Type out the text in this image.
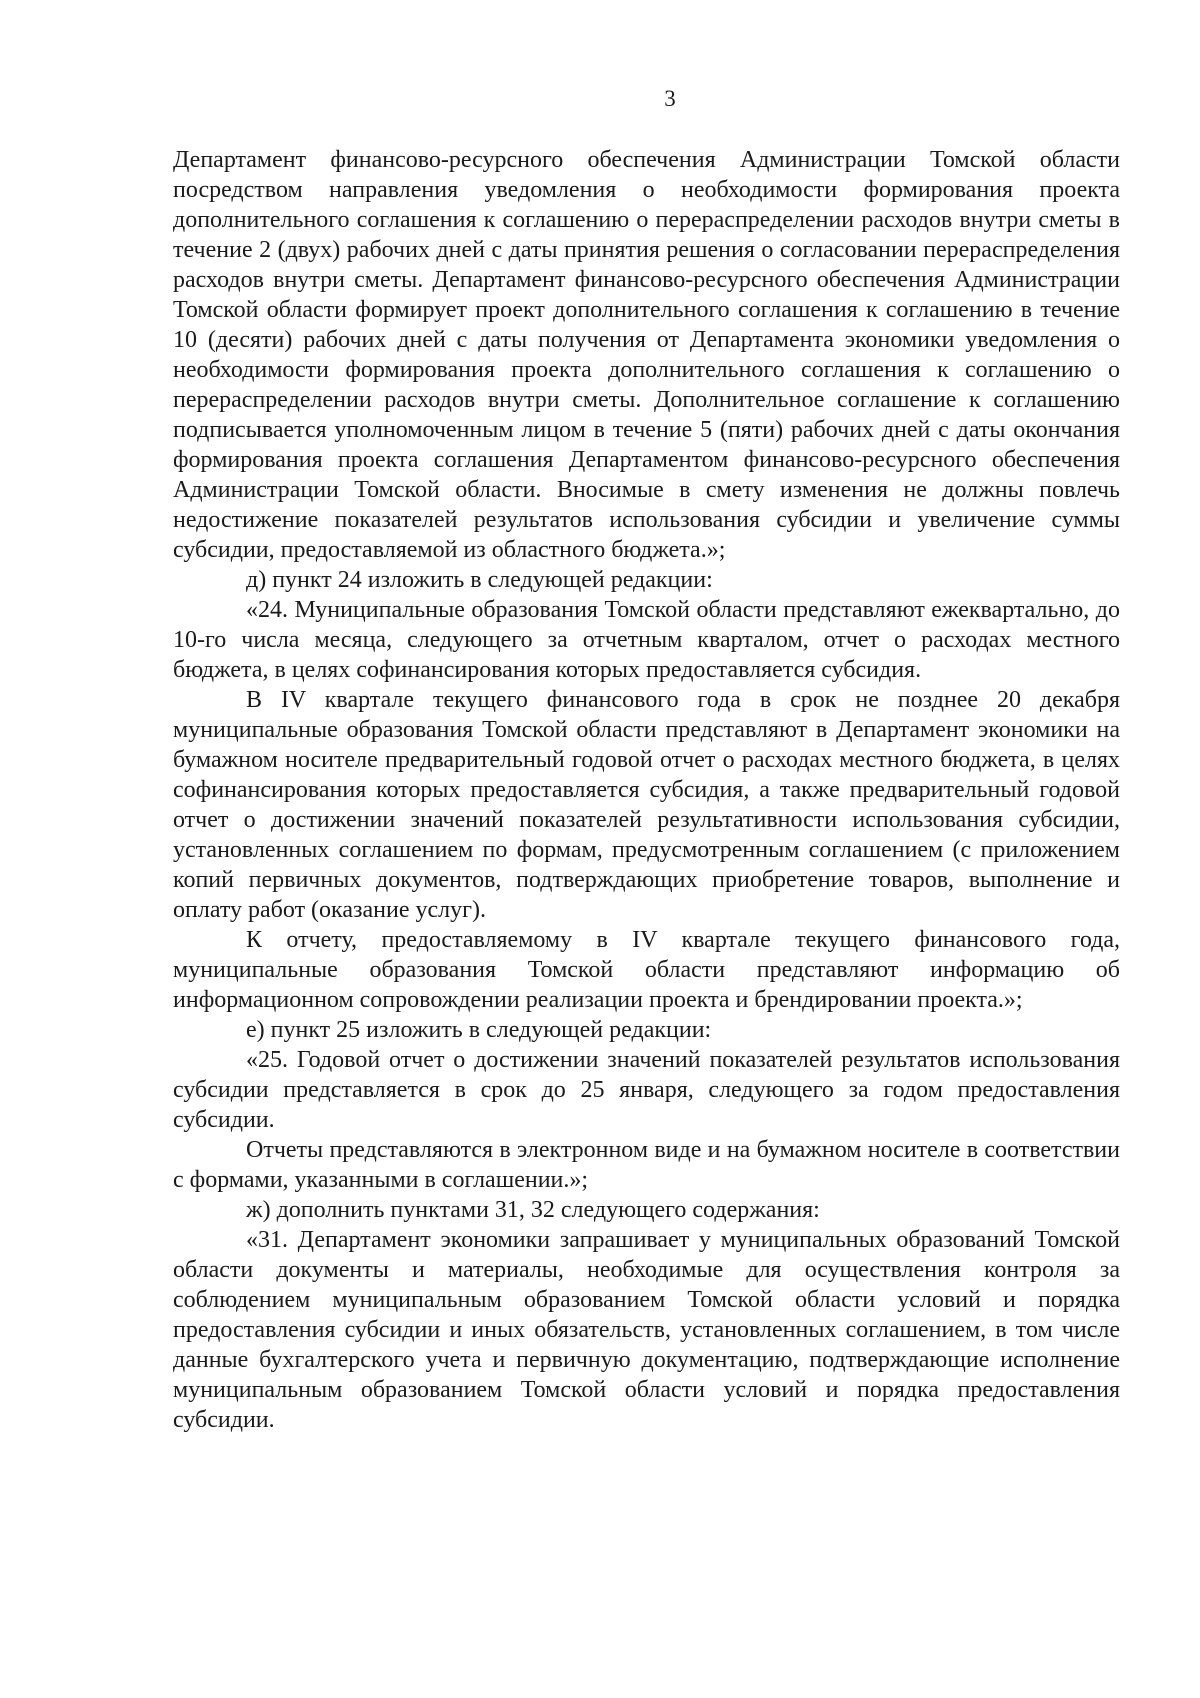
3

Департамент финансово-ресурсного обеспечения Администрации Томской области посредством направления уведомления о необходимости формирования проекта дополнительного соглашения к соглашению о перераспределении расходов внутри сметы в течение 2 (двух) рабочих дней с даты принятия решения о согласовании перераспределения расходов внутри сметы. Департамент финансово-ресурсного обеспечения Администрации Томской области формирует проект дополнительного соглашения к соглашению в течение 10 (десяти) рабочих дней с даты получения от Департамента экономики уведомления о необходимости формирования проекта дополнительного соглашения к соглашению о перераспределении расходов внутри сметы. Дополнительное соглашение к соглашению подписывается уполномоченным лицом в течение 5 (пяти) рабочих дней с даты окончания формирования проекта соглашения Департаментом финансово-ресурсного обеспечения Администрации Томской области. Вносимые в смету изменения не должны повлечь недостижение показателей результатов использования субсидии и увеличение суммы субсидии, предоставляемой из областного бюджета.»;

д) пункт 24 изложить в следующей редакции:

«24. Муниципальные образования Томской области представляют ежеквартально, до 10-го числа месяца, следующего за отчетным кварталом, отчет о расходах местного бюджета, в целях софинансирования которых предоставляется субсидия.

В IV квартале текущего финансового года в срок не позднее 20 декабря муниципальные образования Томской области представляют в Департамент экономики на бумажном носителе предварительный годовой отчет о расходах местного бюджета, в целях софинансирования которых предоставляется субсидия, а также предварительный годовой отчет о достижении значений показателей результативности использования субсидии, установленных соглашением по формам, предусмотренным соглашением (с приложением копий первичных документов, подтверждающих приобретение товаров, выполнение и оплату работ (оказание услуг).

К отчету, предоставляемому в IV квартале текущего финансового года, муниципальные образования Томской области представляют информацию об информационном сопровождении реализации проекта и брендировании проекта.»;

е) пункт 25 изложить в следующей редакции:

«25. Годовой отчет о достижении значений показателей результатов использования субсидии представляется в срок до 25 января, следующего за годом предоставления субсидии.

Отчеты представляются в электронном виде и на бумажном носителе в соответствии с формами, указанными в соглашении.»;

ж) дополнить пунктами 31, 32 следующего содержания:

«31. Департамент экономики запрашивает у муниципальных образований Томской области документы и материалы, необходимые для осуществления контроля за соблюдением муниципальным образованием Томской области условий и порядка предоставления субсидии и иных обязательств, установленных соглашением, в том числе данные бухгалтерского учета и первичную документацию, подтверждающие исполнение муниципальным образованием Томской области условий и порядка предоставления субсидии.
